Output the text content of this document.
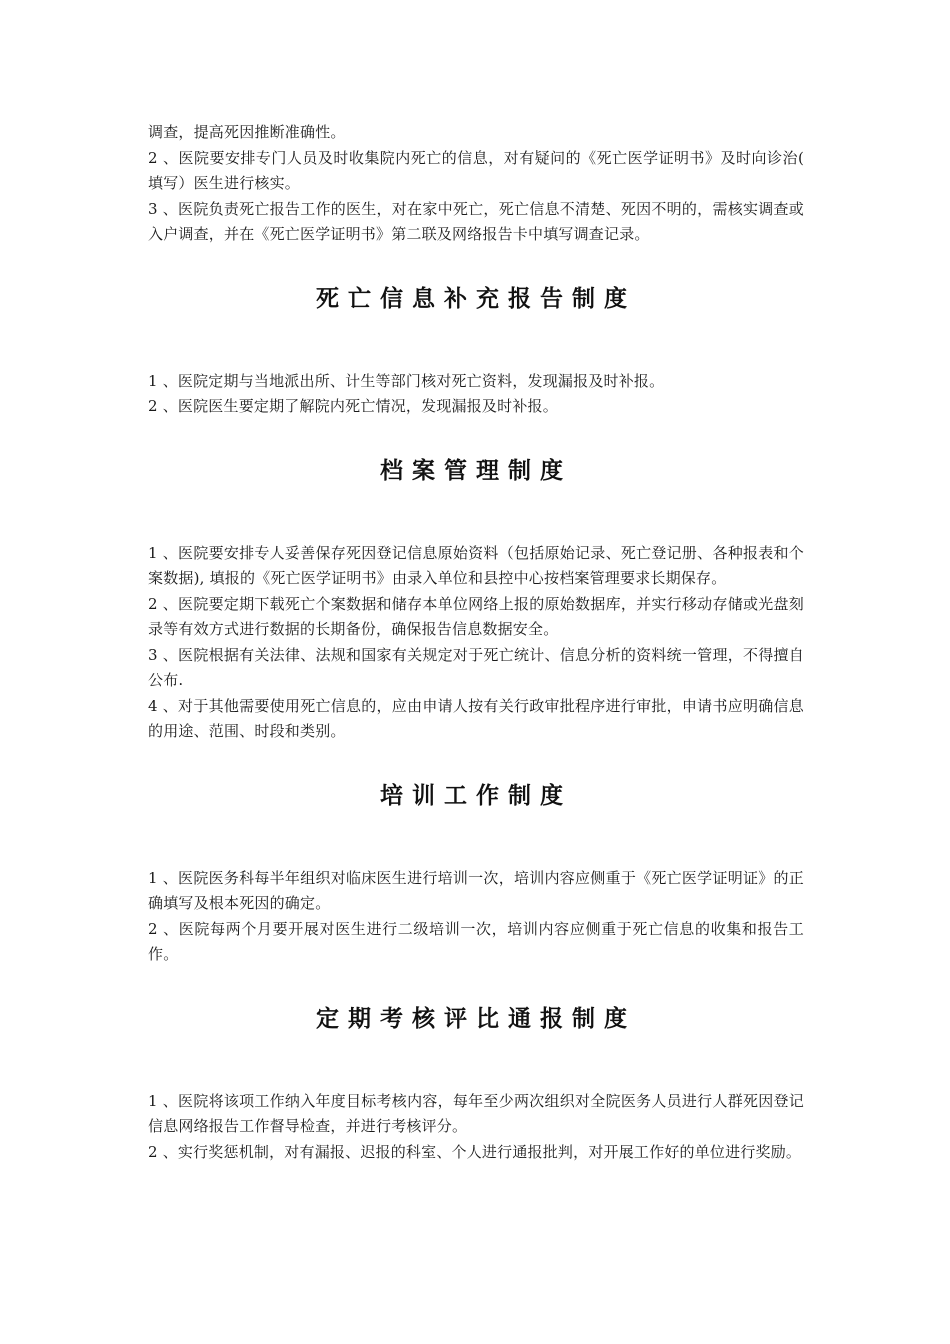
调查，提高死因推断准确性。

2 、医院要安排专门人员及时收集院内死亡的信息，对有疑问的《死亡医学证明书》及时向诊治(　填写）医生进行核实。

3 、医院负责死亡报告工作的医生，对在家中死亡，死亡信息不清楚、死因不明的，需核实调查或入户调查，并在《死亡医学证明书》第二联及网络报告卡中填写调查记录。

死亡信息补充报告制度

1 、医院定期与当地派出所、计生等部门核对死亡资料，发现漏报及时补报。

2 、医院医生要定期了解院内死亡情况，发现漏报及时补报。

档案管理制度

1 、医院要安排专人妥善保存死因登记信息原始资料（包括原始记录、死亡登记册、各种报表和个案数据), 填报的《死亡医学证明书》由录入单位和县控中心按档案管理要求长期保存。

2 、医院要定期下载死亡个案数据和储存本单位网络上报的原始数据库，并实行移动存储或光盘刻录等有效方式进行数据的长期备份，确保报告信息数据安全。

3 、医院根据有关法律、法规和国家有关规定对于死亡统计、信息分析的资料统一管理，不得擅自公布.

4 、对于其他需要使用死亡信息的，应由申请人按有关行政审批程序进行审批，申请书应明确信息的用途、范围、时段和类别。

培训工作制度

1 、医院医务科每半年组织对临床医生进行培训一次，培训内容应侧重于《死亡医学证明证》的正确填写及根本死因的确定。

2 、医院每两个月要开展对医生进行二级培训一次，培训内容应侧重于死亡信息的收集和报告工作。

定期考核评比通报制度

1 、医院将该项工作纳入年度目标考核内容，每年至少两次组织对全院医务人员进行人群死因登记信息网络报告工作督导检查，并进行考核评分。

2 、实行奖惩机制，对有漏报、迟报的科室、个人进行通报批判，对开展工作好的单位进行奖励。
